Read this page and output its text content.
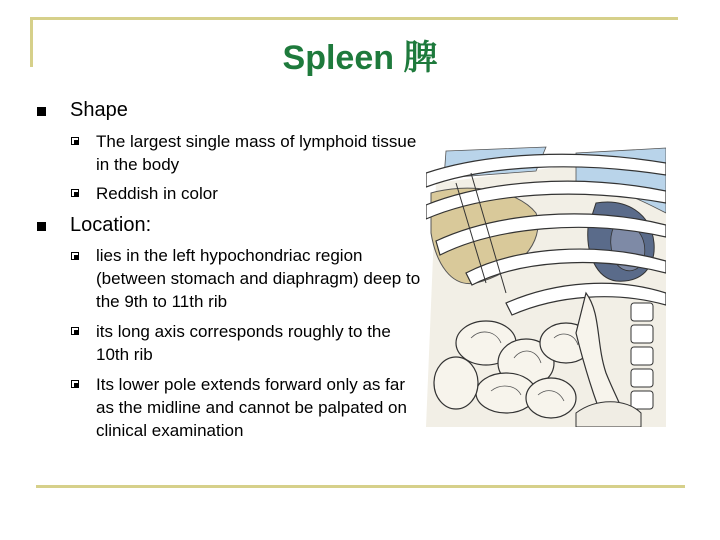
Spleen 脾
Shape
The largest single mass of lymphoid tissue in the body
Reddish in color
Location:
lies in the left hypochondriac region (between stomach and diaphragm) deep to the 9th to 11th rib
its long axis corresponds roughly to the 10th rib
Its lower pole extends forward only as far as the midline and cannot be palpated on clinical examination
